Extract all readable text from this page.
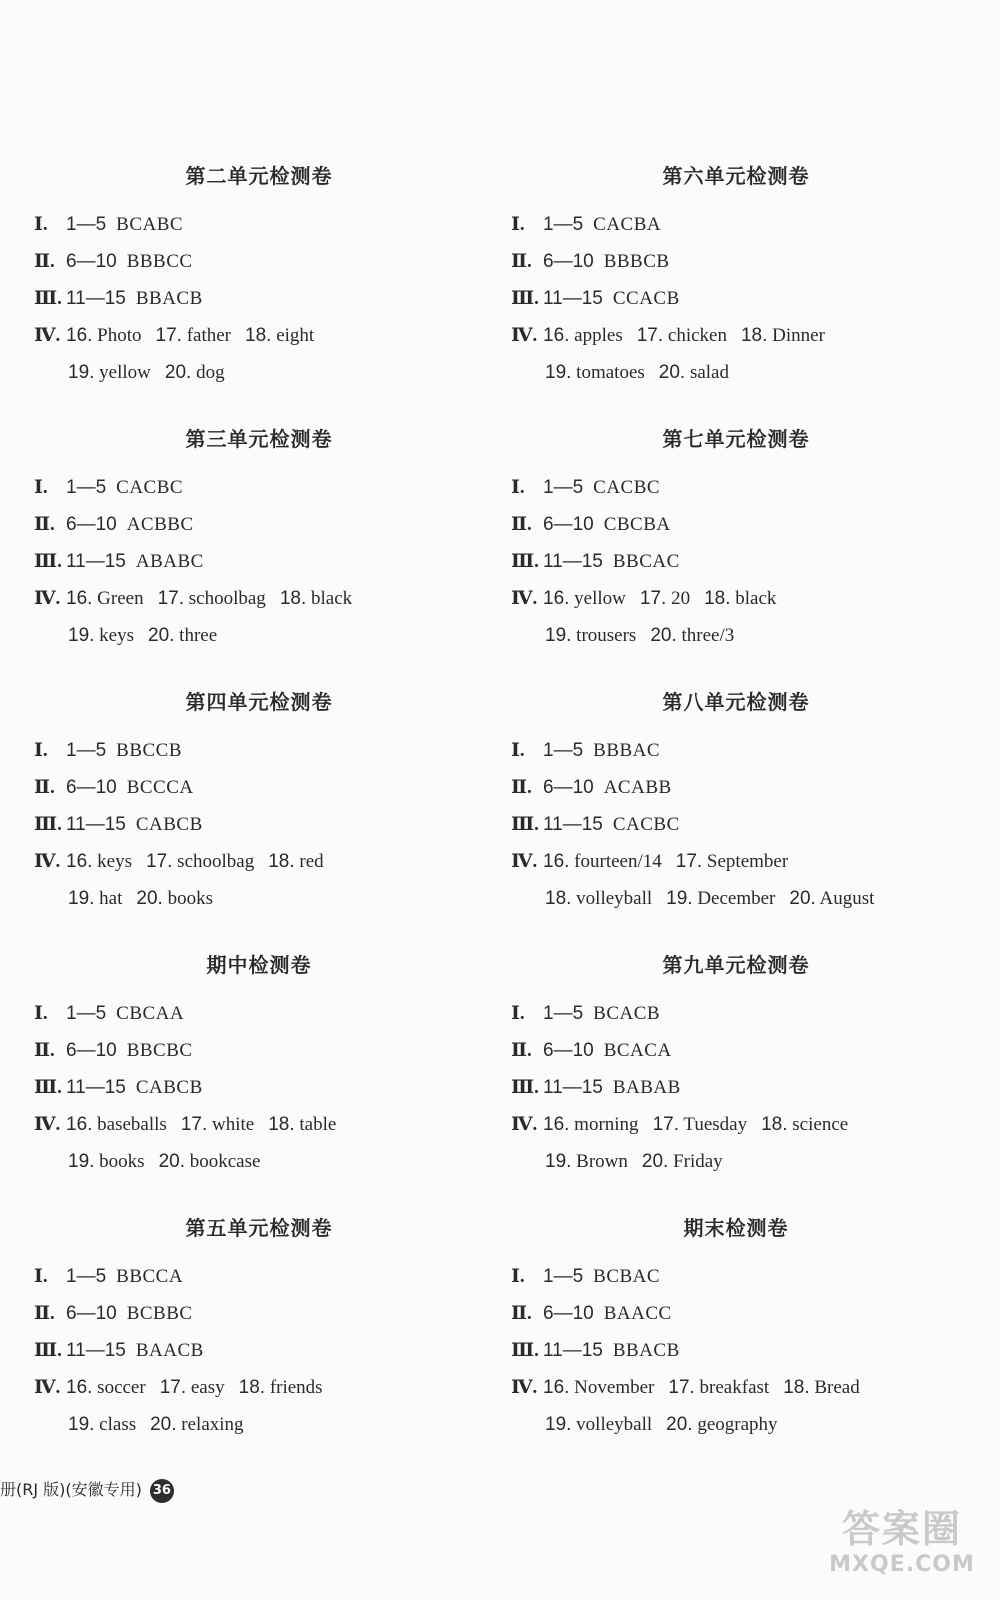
第二单元检测卷
Ⅰ. 1—5 BCABC
Ⅱ. 6—10 BBBCC
Ⅲ. 11—15 BBACB
Ⅳ. 16. Photo 17. father 18. eight
19. yellow 20. dog
第三单元检测卷
Ⅰ. 1—5 CACBC
Ⅱ. 6—10 ACBBC
Ⅲ. 11—15 ABABC
Ⅳ. 16. Green 17. schoolbag 18. black
19. keys 20. three
第四单元检测卷
Ⅰ. 1—5 BBCCB
Ⅱ. 6—10 BCCCA
Ⅲ. 11—15 CABCB
Ⅳ. 16. keys 17. schoolbag 18. red
19. hat 20. books
期中检测卷
Ⅰ. 1—5 CBCAA
Ⅱ. 6—10 BBCBC
Ⅲ. 11—15 CABCB
Ⅳ. 16. baseballs 17. white 18. table
19. books 20. bookcase
第五单元检测卷
Ⅰ. 1—5 BBCCA
Ⅱ. 6—10 BCBBC
Ⅲ. 11—15 BAACB
Ⅳ. 16. soccer 17. easy 18. friends
19. class 20. relaxing
第六单元检测卷
Ⅰ. 1—5 CACBA
Ⅱ. 6—10 BBBCB
Ⅲ. 11—15 CCACB
Ⅳ. 16. apples 17. chicken 18. Dinner
19. tomatoes 20. salad
第七单元检测卷
Ⅰ. 1—5 CACBC
Ⅱ. 6—10 CBCBA
Ⅲ. 11—15 BBCAC
Ⅳ. 16. yellow 17. 20 18. black
19. trousers 20. three/3
第八单元检测卷
Ⅰ. 1—5 BBBAC
Ⅱ. 6—10 ACABB
Ⅲ. 11—15 CACBC
Ⅳ. 16. fourteen/14 17. September
18. volleyball 19. December 20. August
第九单元检测卷
Ⅰ. 1—5 BCACB
Ⅱ. 6—10 BCACA
Ⅲ. 11—15 BABAB
Ⅳ. 16. morning 17. Tuesday 18. science
19. Brown 20. Friday
期末检测卷
Ⅰ. 1—5 BCBAC
Ⅱ. 6—10 BAACC
Ⅲ. 11—15 BBACB
Ⅳ. 16. November 17. breakfast 18. Bread
19. volleyball 20. geography
册(RJ 版)(安徽专用) 36
答案圈
MXQE.COM
